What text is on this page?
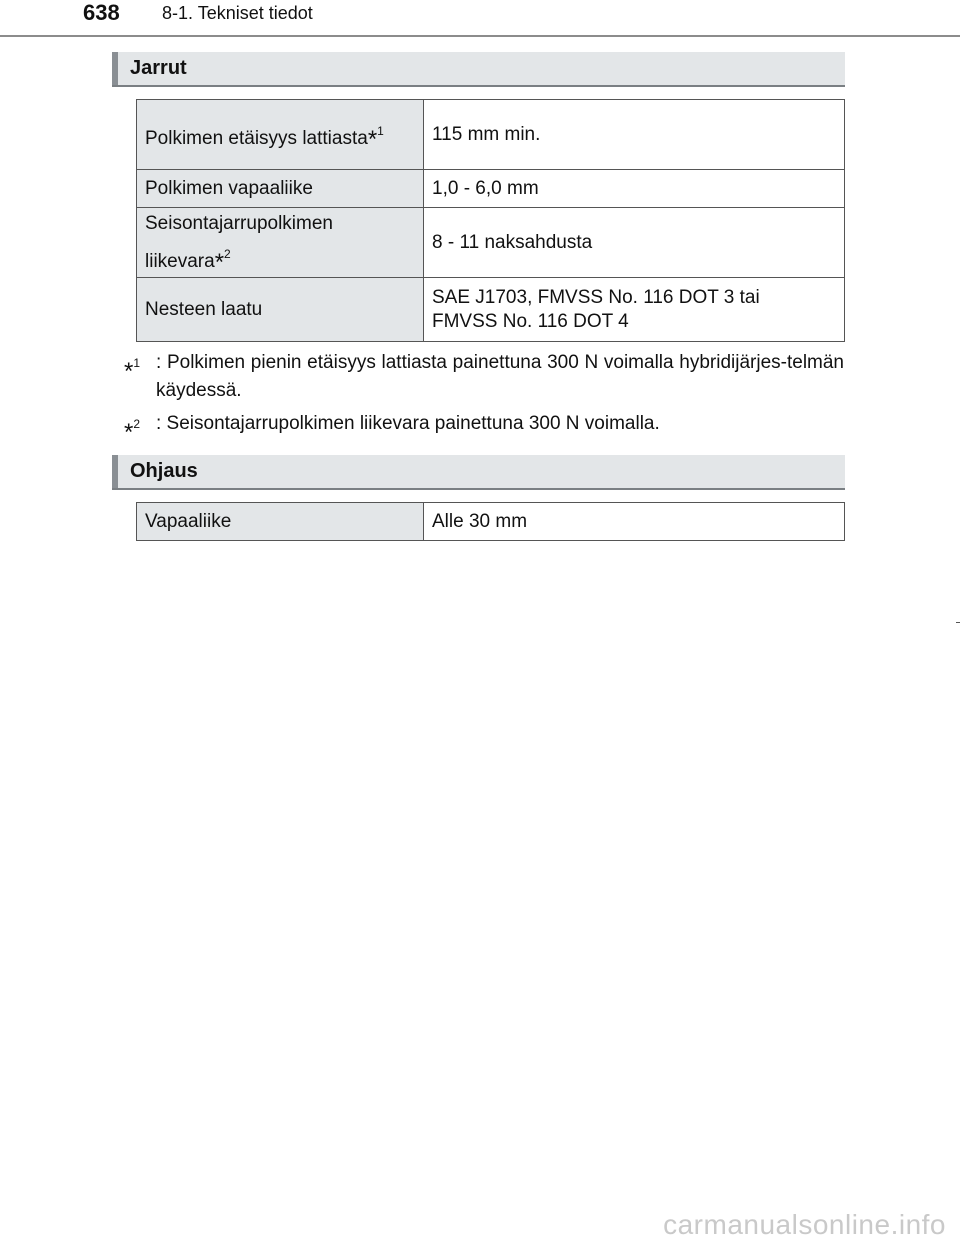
638 8-1. Tekniset tiedot
Jarrut
Polkimen etäisyys lattiasta*$^1$	115 mm min.
Polkimen vapaaliike	1,0 - 6,0 mm

Seisontajarrupolkimen
liikevara*$^2$	8 - 11 naksahdusta
Nesteen laatu	SAE J1703, FMVSS No. 116 DOT 3 tai
FMVSS No. 116 DOT 4
*$^1$ : Polkimen pienin etäisyys lattiasta painettuna 300 N voimalla hybridijärjes-telmän käydessä.
*$^2$ : Seisontajarrupolkimen liikevara painettuna 300 N voimalla.
Ohjaus
Vapaaliike	Alle 30 mm
carmanualsonline.info
